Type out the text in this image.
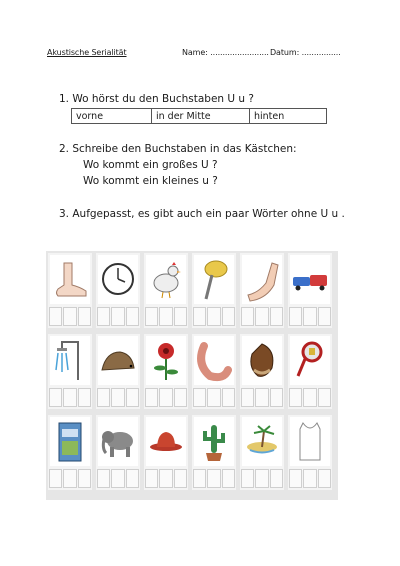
Akustische Serialität	Name: ........................ Datum: ................
1. Wo hörst du den Buchstaben U u ?
vorne	in der Mitte	hinten
2. Schreibe den Buchstaben in das Kästchen:
Wo kommt ein großes U ?
Wo kommt ein kleines u ?
3. Aufgepasst, es gibt auch ein paar Wörter ohne U u .
